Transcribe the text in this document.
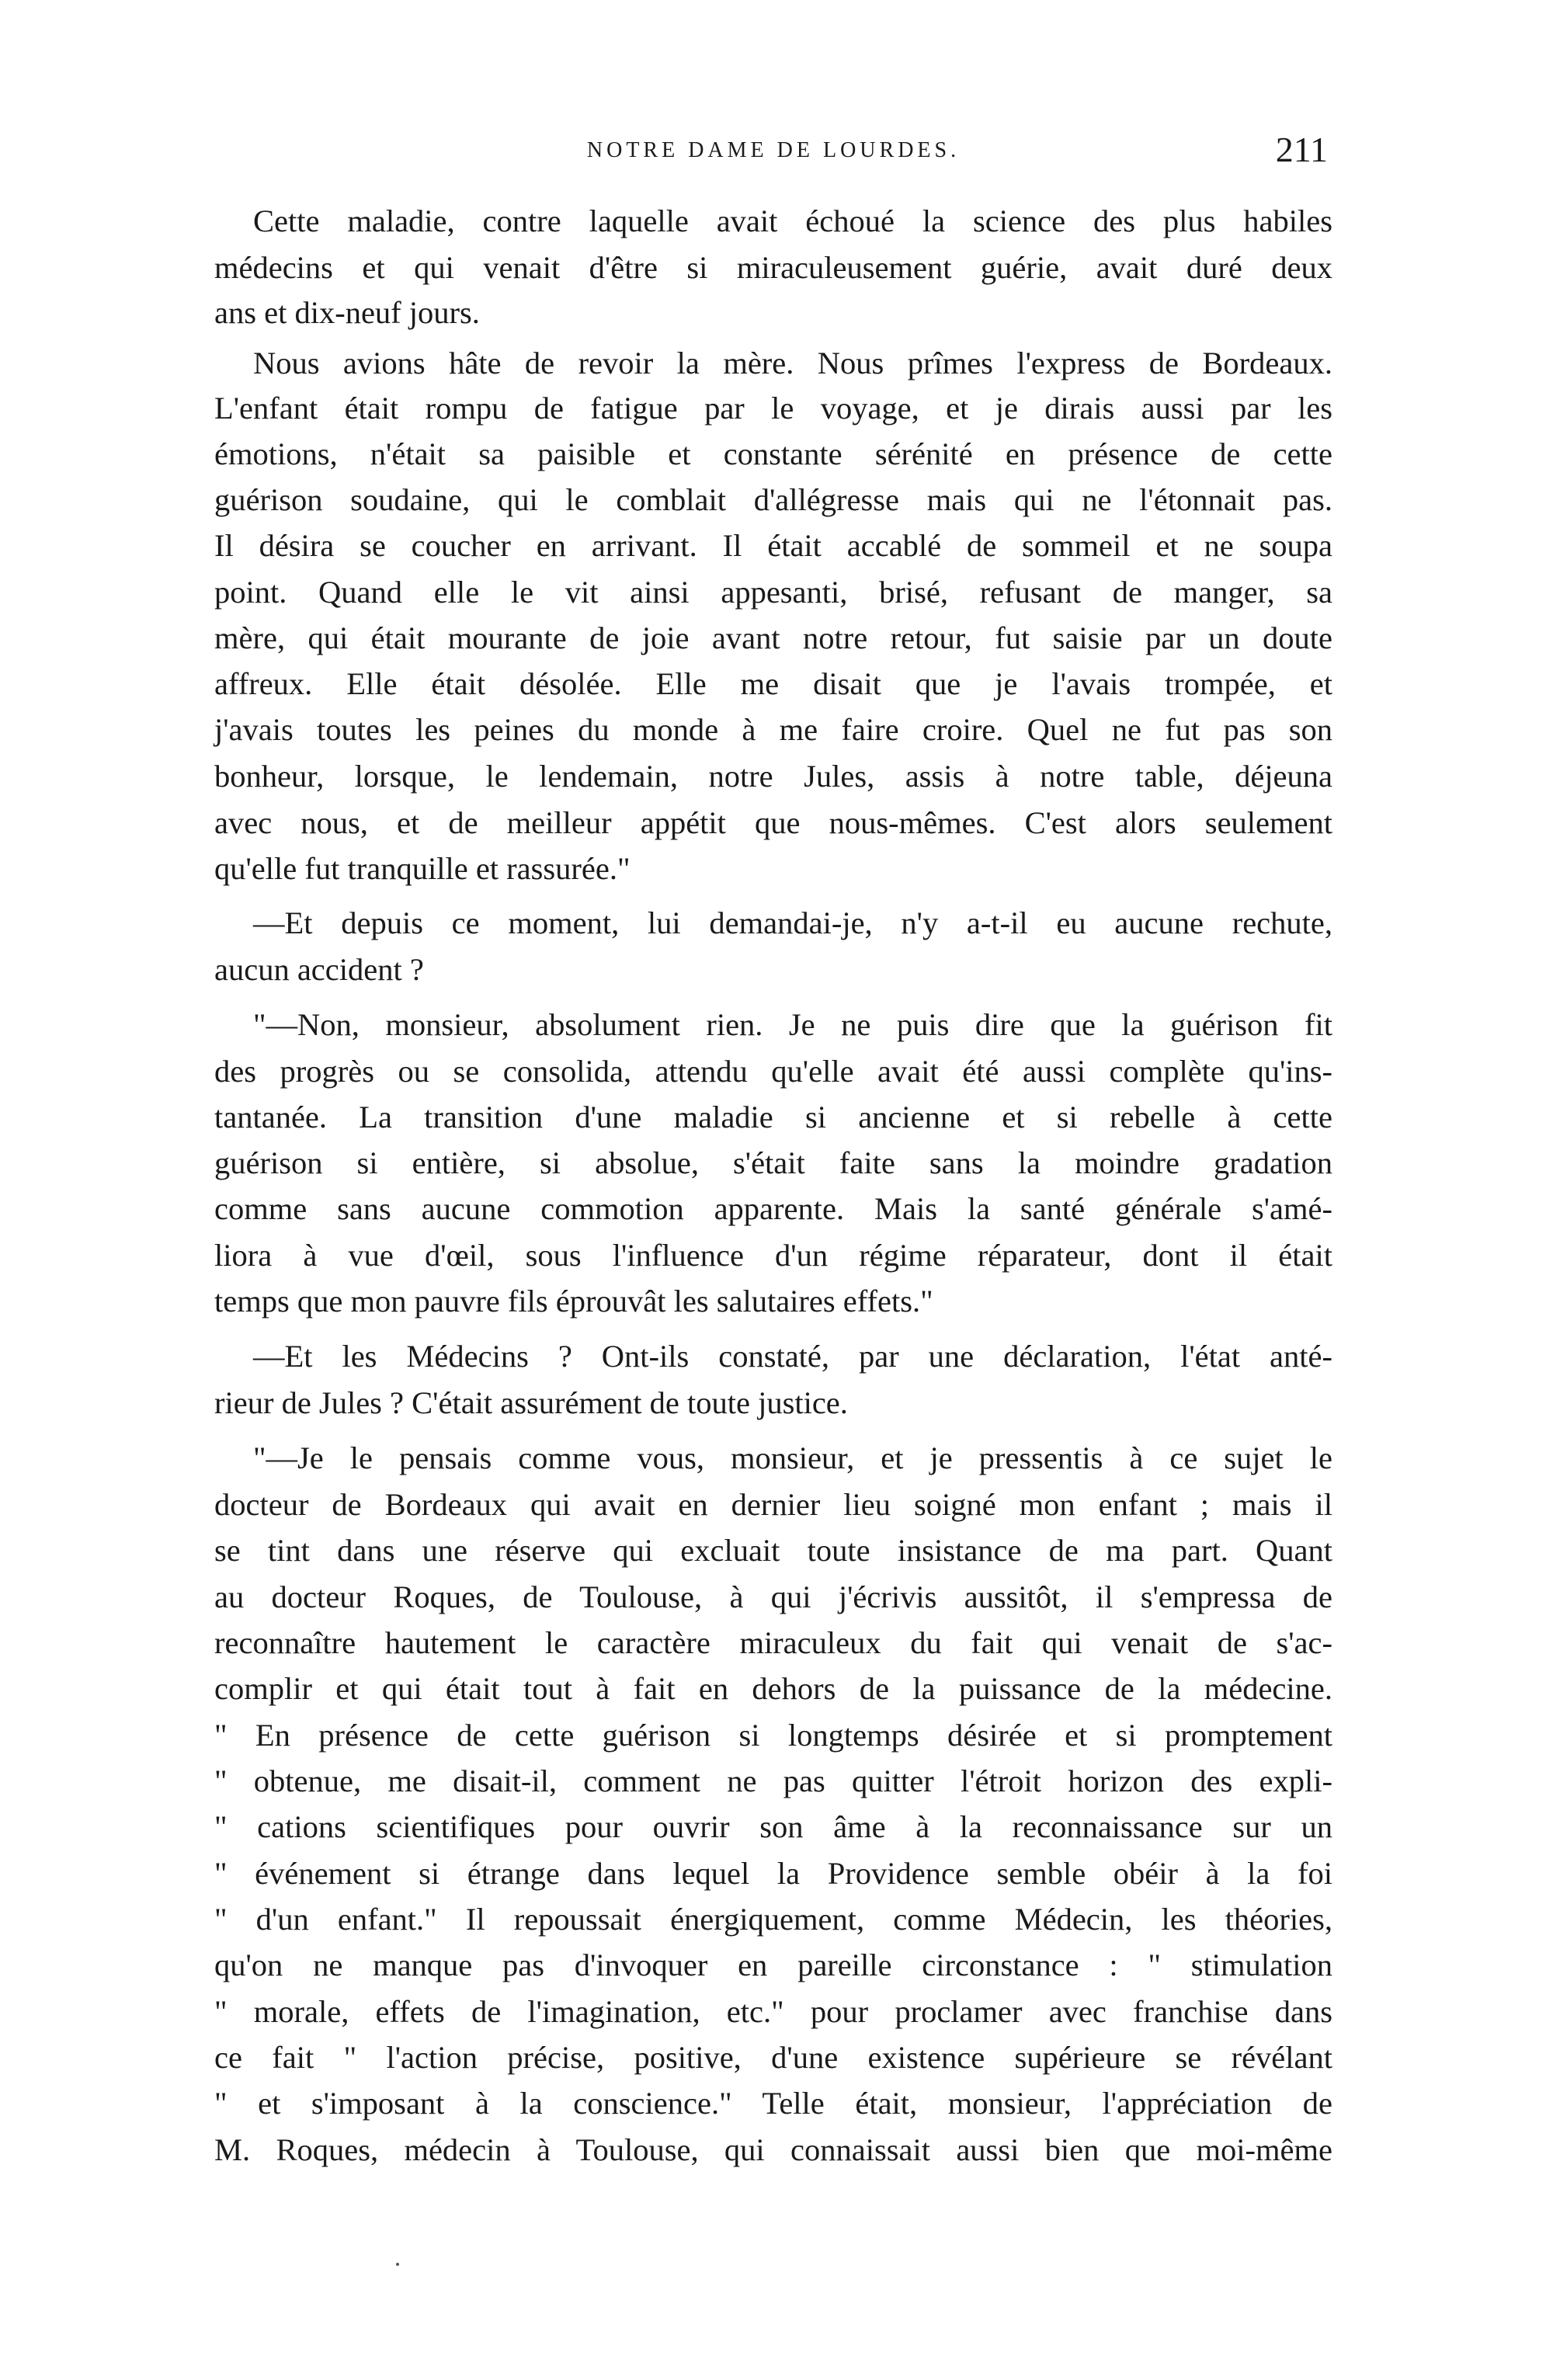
NOTRE DAME DE LOURDES.	211

Cette maladie, contre laquelle avait échoué la science des plus habiles

médecins et qui venait d'être si miraculeusement guérie, avait duré deux

ans et dix-neuf jours.

Nous avions hâte de revoir la mère. Nous prîmes l'express de Bordeaux.

L'enfant était rompu de fatigue par le voyage, et je dirais aussi par les

émotions, n'était sa paisible et constante sérénité en présence de cette

guérison soudaine, qui le comblait d'allégresse mais qui ne l'étonnait pas.

Il désira se coucher en arrivant. Il était accablé de sommeil et ne soupa

point. Quand elle le vit ainsi appesanti, brisé, refusant de manger, sa

mère, qui était mourante de joie avant notre retour, fut saisie par un doute

affreux. Elle était désolée. Elle me disait que je l'avais trompée, et

j'avais toutes les peines du monde à me faire croire. Quel ne fut pas son

bonheur, lorsque, le lendemain, notre Jules, assis à notre table, déjeuna

avec nous, et de meilleur appétit que nous-mêmes. C'est alors seulement

qu'elle fut tranquille et rassurée."

—Et depuis ce moment, lui demandai-je, n'y a-t-il eu aucune rechute,

aucun accident ?

"—Non, monsieur, absolument rien. Je ne puis dire que la guérison fit

des progrès ou se consolida, attendu qu'elle avait été aussi complète qu'ins-

tantanée. La transition d'une maladie si ancienne et si rebelle à cette

guérison si entière, si absolue, s'était faite sans la moindre gradation

comme sans aucune commotion apparente. Mais la santé générale s'amé-

liora à vue d'œil, sous l'influence d'un régime réparateur, dont il était

temps que mon pauvre fils éprouvât les salutaires effets."

—Et les Médecins ? Ont-ils constaté, par une déclaration, l'état anté-

rieur de Jules ? C'était assurément de toute justice.

"—Je le pensais comme vous, monsieur, et je pressentis à ce sujet le

docteur de Bordeaux qui avait en dernier lieu soigné mon enfant ; mais il

se tint dans une réserve qui excluait toute insistance de ma part. Quant

au docteur Roques, de Toulouse, à qui j'écrivis aussitôt, il s'empressa de

reconnaître hautement le caractère miraculeux du fait qui venait de s'ac-

complir et qui était tout à fait en dehors de la puissance de la médecine.

" En présence de cette guérison si longtemps désirée et si promptement

" obtenue, me disait-il, comment ne pas quitter l'étroit horizon des expli-

" cations scientifiques pour ouvrir son âme à la reconnaissance sur un

" événement si étrange dans lequel la Providence semble obéir à la foi

" d'un enfant." Il repoussait énergiquement, comme Médecin, les théories,

qu'on ne manque pas d'invoquer en pareille circonstance : " stimulation

" morale, effets de l'imagination, etc." pour proclamer avec franchise dans

ce fait " l'action précise, positive, d'une existence supérieure se révélant

" et s'imposant à la conscience." Telle était, monsieur, l'appréciation de

M. Roques, médecin à Toulouse, qui connaissait aussi bien que moi-même
